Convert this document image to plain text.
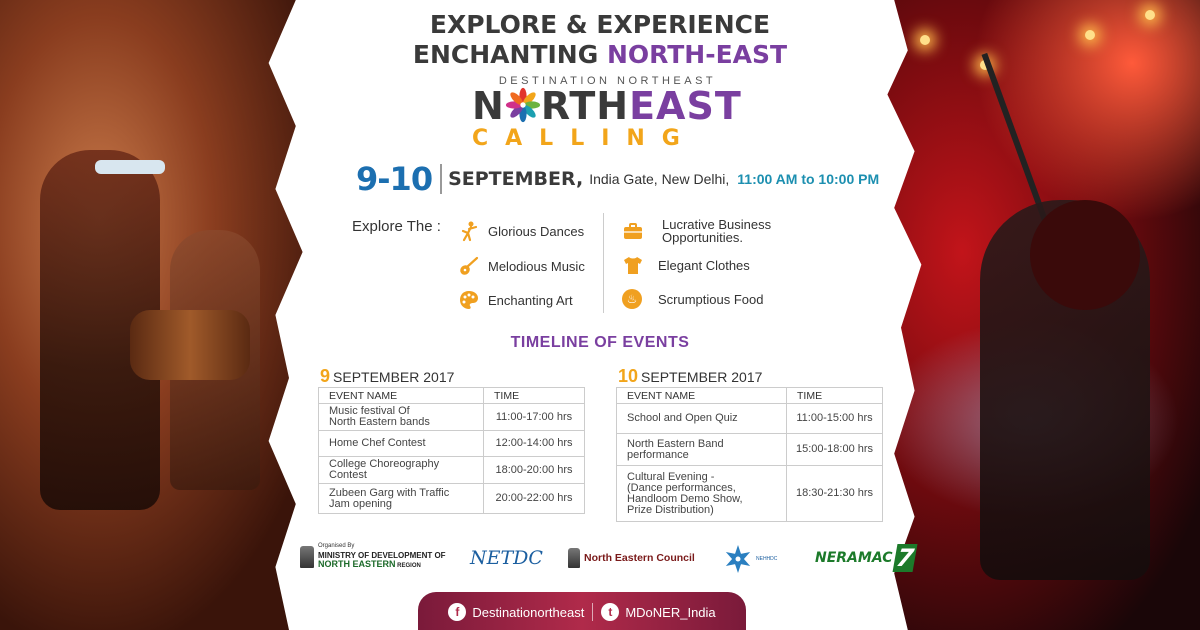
EXPLORE & EXPERIENCE
ENCHANTING NORTH-EAST
DESTINATION NORTHEAST
N RTHEAST
CALLING
9-10 SEPTEMBER, India Gate, New Delhi, 11:00 AM to 10:00 PM
Explore The :	Glorious Dances
Melodious Music
Enchanting Art
Lucrative Business Opportunities.
Elegant Clothes
♨	Scrumptious Food
TIMELINE OF EVENTS
9 SEPTEMBER 2017
EVENT NAME	TIME
Music festival Of
North Eastern bands	11:00-17:00 hrs
Home Chef Contest	12:00-14:00 hrs
College Choreography
Contest	18:00-20:00 hrs
Zubeen Garg with Traffic
Jam opening	20:00-22:00 hrs
10 SEPTEMBER 2017
EVENT NAME	TIME
School and Open Quiz	11:00-15:00 hrs
North Eastern Band
performance	15:00-18:00 hrs
Cultural Evening -
(Dance performances,
Handloom Demo Show,
Prize Distribution)	18:30-21:30 hrs
Organised By
MINISTRY OF DEVELOPMENT OF
NORTH EASTERN REGION	NETDC	North Eastern Council	NEHHDC	NERAMAC 7
f	Destinationortheast	t	MDoNER_India
